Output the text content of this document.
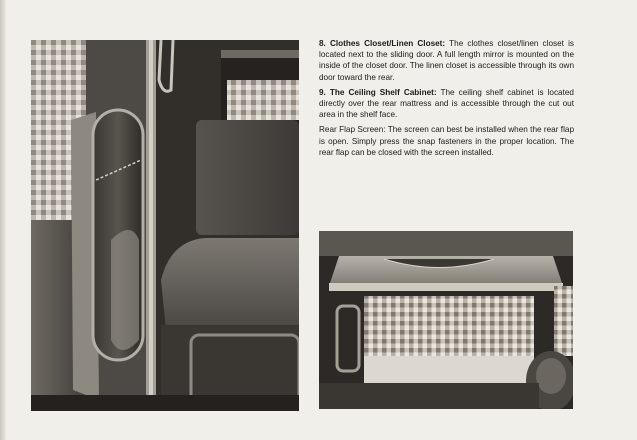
8. Clothes Closet/Linen Closet: The clothes closet/linen closet is located next to the sliding door. A full length mirror is mounted on the inside of the closet door. The linen closet is accessible through its own door toward the rear.

9. The Ceiling Shelf Cabinet: The ceiling shelf cabinet is located directly over the rear mattress and is accessible through the cut out area in the shelf face.

Rear Flap Screen: The screen can best be installed when the rear flap is open. Simply press the snap fasteners in the proper location. The rear flap can be closed with the screen installed.
